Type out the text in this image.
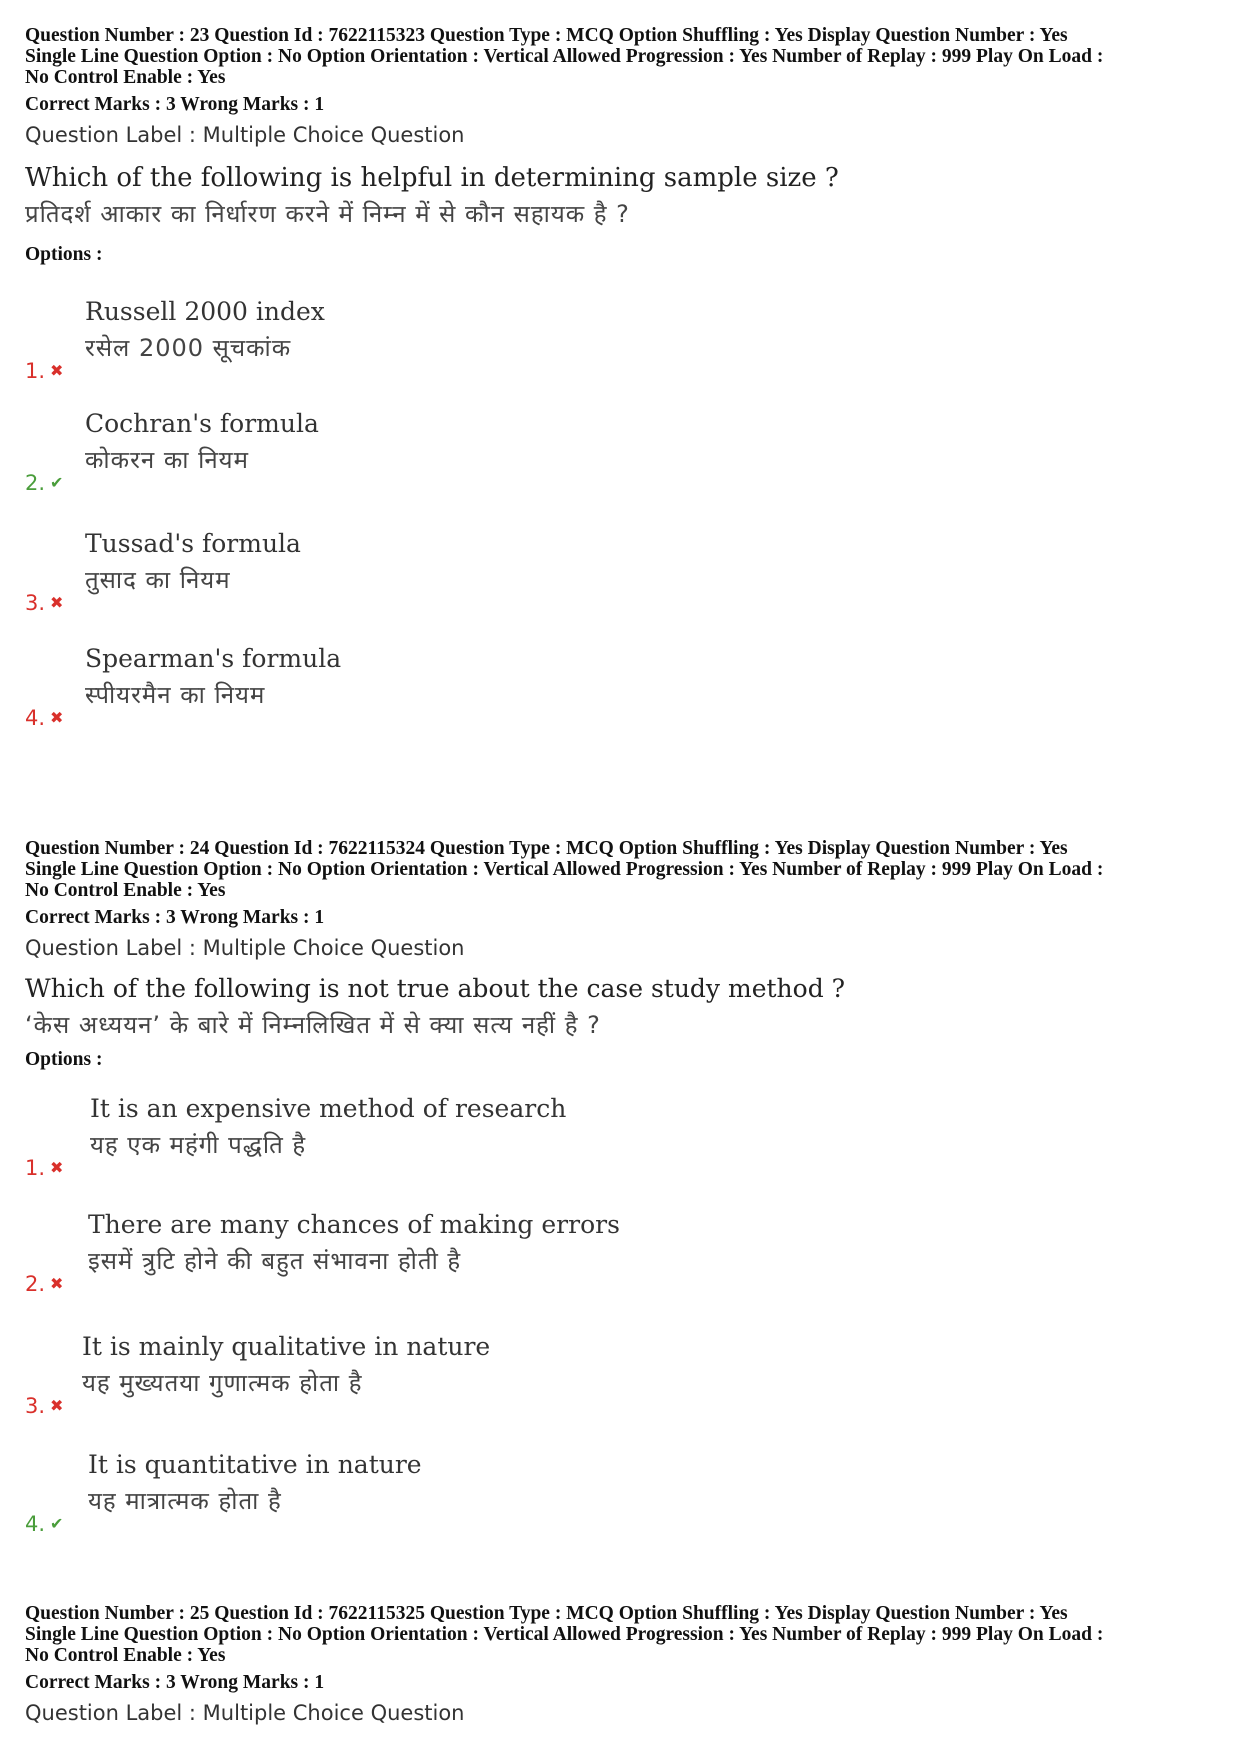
Question Number : 23 Question Id : 7622115323 Question Type : MCQ Option Shuffling : Yes Display Question Number : Yes
Single Line Question Option : No Option Orientation : Vertical Allowed Progression : Yes Number of Replay : 999 Play On Load :
No Control Enable : Yes
Correct Marks : 3 Wrong Marks : 1
Question Label : Multiple Choice Question
Which of the following is helpful in determining sample size ?
प्रतिदर्श आकार का निर्धारण करने में निम्न में से कौन सहायक है ?
Options :
1. ✖
Russell 2000 index
रसेल 2000 सूचकांक
2. ✔
Cochran's formula
कोकरन का नियम
3. ✖
Tussad's formula
तुसाद का नियम
4. ✖
Spearman's formula
स्पीयरमैन का नियम
Question Number : 24 Question Id : 7622115324 Question Type : MCQ Option Shuffling : Yes Display Question Number : Yes
Single Line Question Option : No Option Orientation : Vertical Allowed Progression : Yes Number of Replay : 999 Play On Load :
No Control Enable : Yes
Correct Marks : 3 Wrong Marks : 1
Question Label : Multiple Choice Question
Which of the following is not true about the case study method ?
‘केस अध्ययन’ के बारे में निम्नलिखित में से क्या सत्य नहीं है ?
Options :
1. ✖
It is an expensive method of research
यह एक महंगी पद्धति है
2. ✖
There are many chances of making errors
इसमें त्रुटि होने की बहुत संभावना होती है
3. ✖
It is mainly qualitative in nature
यह मुख्यतया गुणात्मक होता है
4. ✔
It is quantitative in nature
यह मात्रात्मक होता है
Question Number : 25 Question Id : 7622115325 Question Type : MCQ Option Shuffling : Yes Display Question Number : Yes
Single Line Question Option : No Option Orientation : Vertical Allowed Progression : Yes Number of Replay : 999 Play On Load :
No Control Enable : Yes
Correct Marks : 3 Wrong Marks : 1
Question Label : Multiple Choice Question
